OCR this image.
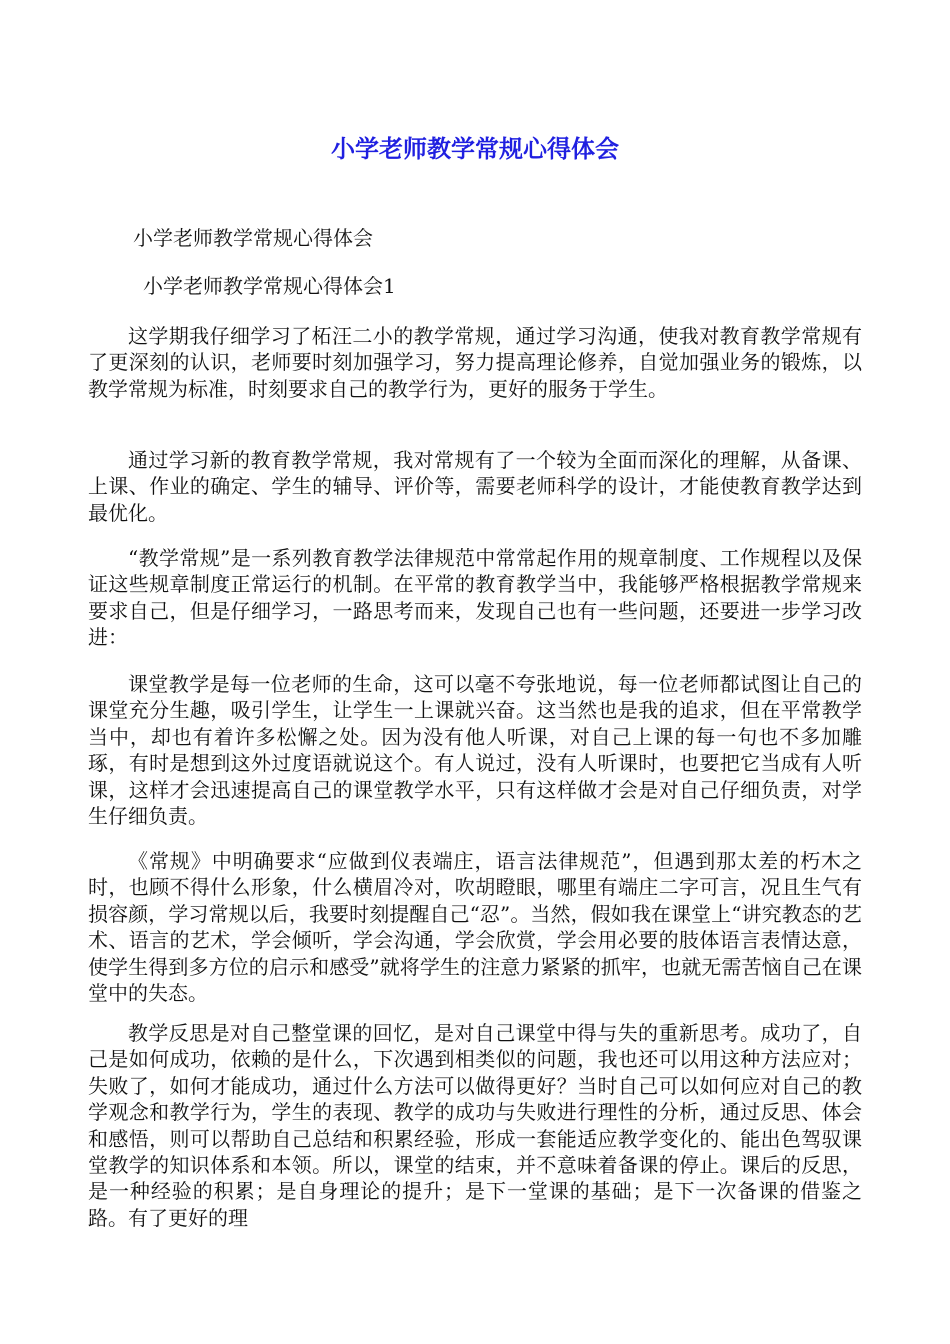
小学老师教学常规心得体会

小学老师教学常规心得体会

小学老师教学常规心得体会1

这学期我仔细学习了柘汪二小的教学常规，通过学习沟通，使我对教育教学常规有了更深刻的认识，老师要时刻加强学习，努力提高理论修养，自觉加强业务的锻炼，以教学常规为标准，时刻要求自己的教学行为，更好的服务于学生。

通过学习新的教育教学常规，我对常规有了一个较为全面而深化的理解，从备课、上课、作业的确定、学生的辅导、评价等，需要老师科学的设计，才能使教育教学达到最优化。

“教学常规”是一系列教育教学法律规范中常常起作用的规章制度、工作规程以及保证这些规章制度正常运行的机制。在平常的教育教学当中，我能够严格根据教学常规来要求自己，但是仔细学习，一路思考而来，发现自己也有一些问题，还要进一步学习改进：

课堂教学是每一位老师的生命，这可以毫不夸张地说，每一位老师都试图让自己的课堂充分生趣，吸引学生，让学生一上课就兴奋。这当然也是我的追求，但在平常教学当中，却也有着许多松懈之处。因为没有他人听课，对自己上课的每一句也不多加雕琢，有时是想到这外过度语就说这个。有人说过，没有人听课时，也要把它当成有人听课，这样才会迅速提高自己的课堂教学水平，只有这样做才会是对自己仔细负责，对学生仔细负责。

《常规》中明确要求“应做到仪表端庄，语言法律规范”，但遇到那太差的朽木之时，也顾不得什么形象，什么横眉冷对，吹胡瞪眼，哪里有端庄二字可言，况且生气有损容颜，学习常规以后，我要时刻提醒自己“忍”。当然，假如我在课堂上“讲究教态的艺术、语言的艺术，学会倾听，学会沟通，学会欣赏，学会用必要的肢体语言表情达意，使学生得到多方位的启示和感受”就将学生的注意力紧紧的抓牢，也就无需苦恼自己在课堂中的失态。

教学反思是对自己整堂课的回忆，是对自己课堂中得与失的重新思考。成功了，自己是如何成功，依赖的是什么，下次遇到相类似的问题，我也还可以用这种方法应对；失败了，如何才能成功，通过什么方法可以做得更好？当时自己可以如何应对自己的教学观念和教学行为，学生的表现、教学的成功与失败进行理性的分析，通过反思、体会和感悟，则可以帮助自己总结和积累经验，形成一套能适应教学变化的、能出色驾驭课堂教学的知识体系和本领。所以，课堂的结束，并不意味着备课的停止。课后的反思，是一种经验的积累；是自身理论的提升；是下一堂课的基础；是下一次备课的借鉴之路。有了更好的理
